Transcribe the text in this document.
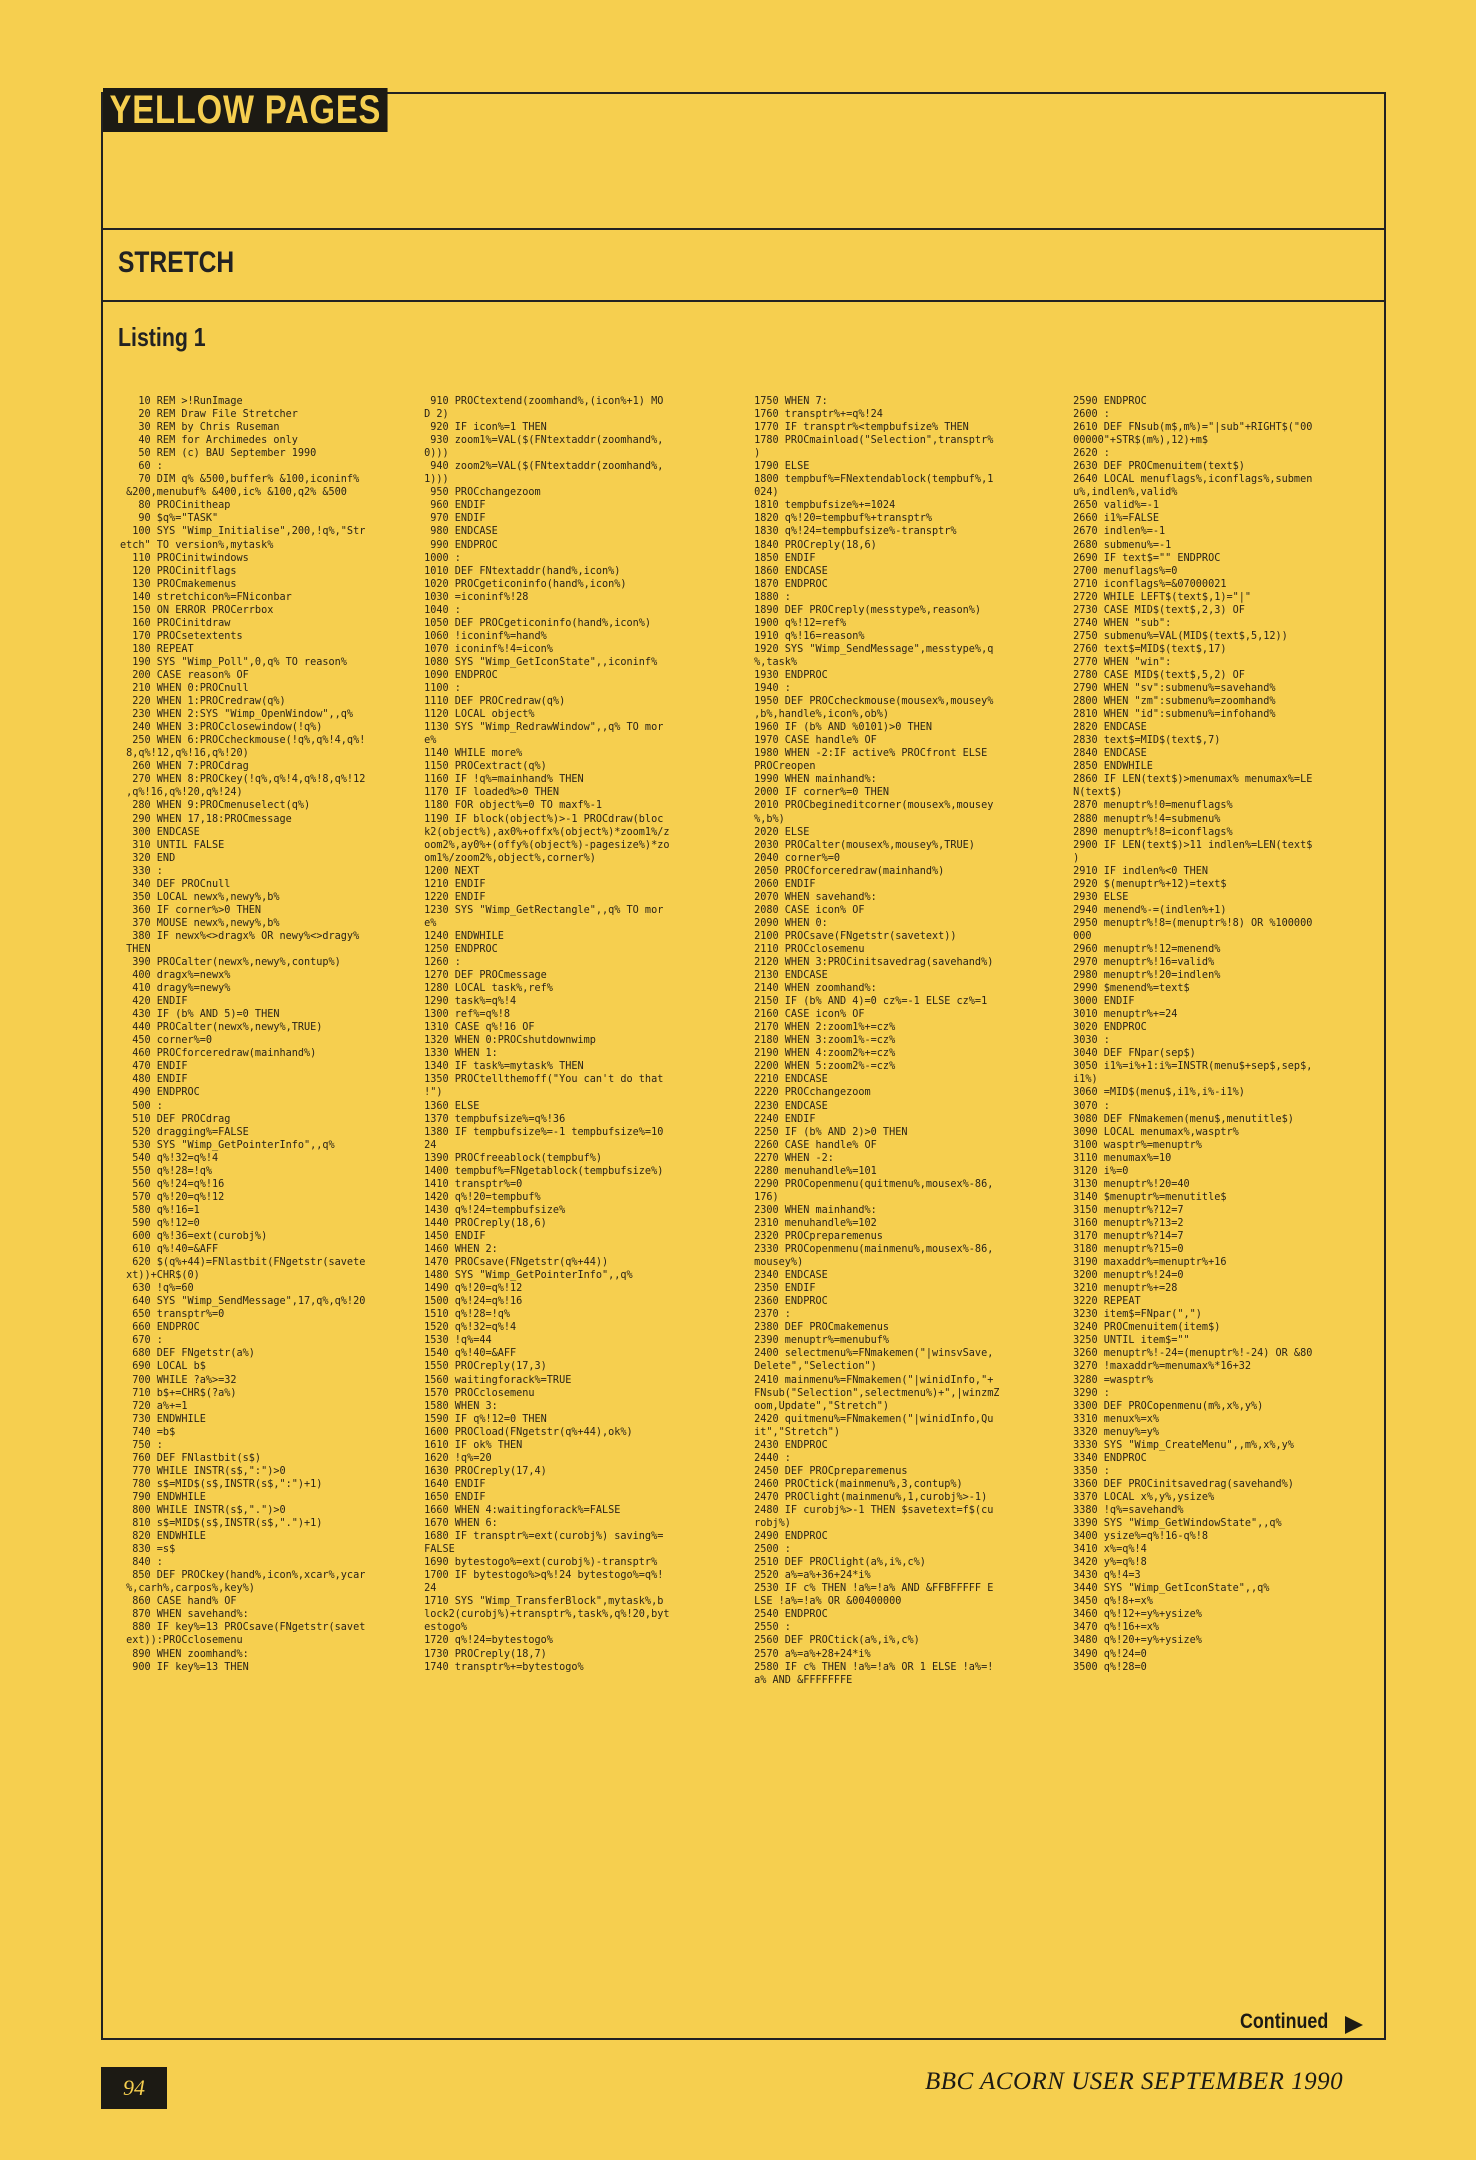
YELLOW PAGES
STRETCH
Listing 1
10 REM >!RunImage
20 REM Draw File Stretcher
30 REM by Chris Ruseman
40 REM for Archimedes only
50 REM (c) BAU September 1990
60 :
70 DIM q% &500,buffer% &100,iconinf%
&200,menubuf% &400,ic% &100,q2% &500
80 PROCinitheap
90 $q%="TASK"
100 SYS "Wimp_Initialise",200,!q%,"Str
etch" TO version%,mytask%
110 PROCinitwindows
120 PROCinitflags
130 PROCmakemenus
140 stretchicon%=FNiconbar
150 ON ERROR PROCerrbox
160 PROCinitdraw
170 PROCsetextents
180 REPEAT
190 SYS "Wimp_Poll",0,q% TO reason%
200 CASE reason% OF
210 WHEN 0:PROCnull
220 WHEN 1:PROCredraw(q%)
230 WHEN 2:SYS "Wimp_OpenWindow",,q%
240 WHEN 3:PROCclosewindow(!q%)
250 WHEN 6:PROCcheckmouse(!q%,q%!4,q%!
8,q%!12,q%!16,q%!20)
260 WHEN 7:PROCdrag
270 WHEN 8:PROCkey(!q%,q%!4,q%!8,q%!12
,q%!16,q%!20,q%!24)
280 WHEN 9:PROCmenuselect(q%)
290 WHEN 17,18:PROCmessage
300 ENDCASE
310 UNTIL FALSE
320 END
330 :
340 DEF PROCnull
350 LOCAL newx%,newy%,b%
360 IF corner%>0 THEN
370 MOUSE newx%,newy%,b%
380 IF newx%<>dragx% OR newy%<>dragy%
THEN
390 PROCalter(newx%,newy%,contup%)
400 dragx%=newx%
410 dragy%=newy%
420 ENDIF
430 IF (b% AND 5)=0 THEN
440 PROCalter(newx%,newy%,TRUE)
450 corner%=0
460 PROCforceredraw(mainhand%)
470 ENDIF
480 ENDIF
490 ENDPROC
500 :
510 DEF PROCdrag
520 dragging%=FALSE
530 SYS "Wimp_GetPointerInfo",,q%
540 q%!32=q%!4
550 q%!28=!q%
560 q%!24=q%!16
570 q%!20=q%!12
580 q%!16=1
590 q%!12=0
600 q%!36=ext(curobj%)
610 q%!40=&AFF
620 $(q%+44)=FNlastbit(FNgetstr(savete
xt))+CHR$(0)
630 !q%=60
640 SYS "Wimp_SendMessage",17,q%,q%!20
650 transptr%=0
660 ENDPROC
670 :
680 DEF FNgetstr(a%)
690 LOCAL b$
700 WHILE ?a%>=32
710 b$+=CHR$(?a%)
720 a%+=1
730 ENDWHILE
740 =b$
750 :
760 DEF FNlastbit(s$)
770 WHILE INSTR(s$,":")>0
780 s$=MID$(s$,INSTR(s$,":")+1)
790 ENDWHILE
800 WHILE INSTR(s$,".")>0
810 s$=MID$(s$,INSTR(s$,".")+1)
820 ENDWHILE
830 =s$
840 :
850 DEF PROCkey(hand%,icon%,xcar%,ycar
%,carh%,carpos%,key%)
860 CASE hand% OF
870 WHEN savehand%:
880 IF key%=13 PROCsave(FNgetstr(savet
ext)):PROCclosemenu
890 WHEN zoomhand%:
900 IF key%=13 THEN
910 PROCtextend(zoomhand%,(icon%+1) MO
D 2)
920 IF icon%=1 THEN
930 zoom1%=VAL($(FNtextaddr(zoomhand%,
0)))
940 zoom2%=VAL($(FNtextaddr(zoomhand%,
1)))
950 PROCchangezoom
960 ENDIF
970 ENDIF
980 ENDCASE
990 ENDPROC
1000 :
1010 DEF FNtextaddr(hand%,icon%)
1020 PROCgeticoninfo(hand%,icon%)
1030 =iconinf%!28
1040 :
1050 DEF PROCgeticoninfo(hand%,icon%)
1060 !iconinf%=hand%
1070 iconinf%!4=icon%
1080 SYS "Wimp_GetIconState",,iconinf%
1090 ENDPROC
1100 :
1110 DEF PROCredraw(q%)
1120 LOCAL object%
1130 SYS "Wimp_RedrawWindow",,q% TO mor
e%
1140 WHILE more%
1150 PROCextract(q%)
1160 IF !q%=mainhand% THEN
1170 IF loaded%>0 THEN
1180 FOR object%=0 TO maxf%-1
1190 IF block(object%)>-1 PROCdraw(bloc
k2(object%),ax0%+offx%(object%)*zoom1%/z
oom2%,ay0%+(offy%(object%)-pagesize%)*zo
om1%/zoom2%,object%,corner%)
1200 NEXT
1210 ENDIF
1220 ENDIF
1230 SYS "Wimp_GetRectangle",,q% TO mor
e%
1240 ENDWHILE
1250 ENDPROC
1260 :
1270 DEF PROCmessage
1280 LOCAL task%,ref%
1290 task%=q%!4
1300 ref%=q%!8
1310 CASE q%!16 OF
1320 WHEN 0:PROCshutdownwimp
1330 WHEN 1:
1340 IF task%=mytask% THEN
1350 PROCtellthemoff("You can't do that
!")
1360 ELSE
1370 tempbufsize%=q%!36
1380 IF tempbufsize%=-1 tempbufsize%=10
24
1390 PROCfreeablock(tempbuf%)
1400 tempbuf%=FNgetablock(tempbufsize%)
1410 transptr%=0
1420 q%!20=tempbuf%
1430 q%!24=tempbufsize%
1440 PROCreply(18,6)
1450 ENDIF
1460 WHEN 2:
1470 PROCsave(FNgetstr(q%+44))
1480 SYS "Wimp_GetPointerInfo",,q%
1490 q%!20=q%!12
1500 q%!24=q%!16
1510 q%!28=!q%
1520 q%!32=q%!4
1530 !q%=44
1540 q%!40=&AFF
1550 PROCreply(17,3)
1560 waitingforack%=TRUE
1570 PROCclosemenu
1580 WHEN 3:
1590 IF q%!12=0 THEN
1600 PROCload(FNgetstr(q%+44),ok%)
1610 IF ok% THEN
1620 !q%=20
1630 PROCreply(17,4)
1640 ENDIF
1650 ENDIF
1660 WHEN 4:waitingforack%=FALSE
1670 WHEN 6:
1680 IF transptr%=ext(curobj%) saving%=
FALSE
1690 bytestogo%=ext(curobj%)-transptr%
1700 IF bytestogo%>q%!24 bytestogo%=q%!
24
1710 SYS "Wimp_TransferBlock",mytask%,b
lock2(curobj%)+transptr%,task%,q%!20,byt
estogo%
1720 q%!24=bytestogo%
1730 PROCreply(18,7)
1740 transptr%+=bytestogo%
1750 WHEN 7:
1760 transptr%+=q%!24
1770 IF transptr%<tempbufsize% THEN
1780 PROCmainload("Selection",transptr%
)
1790 ELSE
1800 tempbuf%=FNextendablock(tempbuf%,1
024)
1810 tempbufsize%+=1024
1820 q%!20=tempbuf%+transptr%
1830 q%!24=tempbufsize%-transptr%
1840 PROCreply(18,6)
1850 ENDIF
1860 ENDCASE
1870 ENDPROC
1880 :
1890 DEF PROCreply(messtype%,reason%)
1900 q%!12=ref%
1910 q%!16=reason%
1920 SYS "Wimp_SendMessage",messtype%,q
%,task%
1930 ENDPROC
1940 :
1950 DEF PROCcheckmouse(mousex%,mousey%
,b%,handle%,icon%,ob%)
1960 IF (b% AND %0101)>0 THEN
1970 CASE handle% OF
1980 WHEN -2:IF active% PROCfront ELSE
PROCreopen
1990 WHEN mainhand%:
2000 IF corner%=0 THEN
2010 PROCbegineditcorner(mousex%,mousey
%,b%)
2020 ELSE
2030 PROCalter(mousex%,mousey%,TRUE)
2040 corner%=0
2050 PROCforceredraw(mainhand%)
2060 ENDIF
2070 WHEN savehand%:
2080 CASE icon% OF
2090 WHEN 0:
2100 PROCsave(FNgetstr(savetext))
2110 PROCclosemenu
2120 WHEN 3:PROCinitsavedrag(savehand%)
2130 ENDCASE
2140 WHEN zoomhand%:
2150 IF (b% AND 4)=0 cz%=-1 ELSE cz%=1
2160 CASE icon% OF
2170 WHEN 2:zoom1%+=cz%
2180 WHEN 3:zoom1%-=cz%
2190 WHEN 4:zoom2%+=cz%
2200 WHEN 5:zoom2%-=cz%
2210 ENDCASE
2220 PROCchangezoom
2230 ENDCASE
2240 ENDIF
2250 IF (b% AND 2)>0 THEN
2260 CASE handle% OF
2270 WHEN -2:
2280 menuhandle%=101
2290 PROCopenmenu(quitmenu%,mousex%-86,
176)
2300 WHEN mainhand%:
2310 menuhandle%=102
2320 PROCpreparemenus
2330 PROCopenmenu(mainmenu%,mousex%-86,
mousey%)
2340 ENDCASE
2350 ENDIF
2360 ENDPROC
2370 :
2380 DEF PROCmakemenus
2390 menuptr%=menubuf%
2400 selectmenu%=FNmakemen("|winsvSave,
Delete","Selection")
2410 mainmenu%=FNmakemen("|winidInfo,"+
FNsub("Selection",selectmenu%)+",|winzmZ
oom,Update","Stretch")
2420 quitmenu%=FNmakemen("|winidInfo,Qu
it","Stretch")
2430 ENDPROC
2440 :
2450 DEF PROCpreparemenus
2460 PROCtick(mainmenu%,3,contup%)
2470 PROClight(mainmenu%,1,curobj%>-1)
2480 IF curobj%>-1 THEN $savetext=f$(cu
robj%)
2490 ENDPROC
2500 :
2510 DEF PROClight(a%,i%,c%)
2520 a%=a%+36+24*i%
2530 IF c% THEN !a%=!a% AND &FFBFFFFF E
LSE !a%=!a% OR &00400000
2540 ENDPROC
2550 :
2560 DEF PROCtick(a%,i%,c%)
2570 a%=a%+28+24*i%
2580 IF c% THEN !a%=!a% OR 1 ELSE !a%=!
a% AND &FFFFFFFE
2590 ENDPROC
2600 :
2610 DEF FNsub(m$,m%)="|sub"+RIGHT$("00
00000"+STR$(m%),12)+m$
2620 :
2630 DEF PROCmenuitem(text$)
2640 LOCAL menuflags%,iconflags%,submen
u%,indlen%,valid%
2650 valid%=-1
2660 i1%=FALSE
2670 indlen%=-1
2680 submenu%=-1
2690 IF text$="" ENDPROC
2700 menuflags%=0
2710 iconflags%=&07000021
2720 WHILE LEFT$(text$,1)="|"
2730 CASE MID$(text$,2,3) OF
2740 WHEN "sub":
2750 submenu%=VAL(MID$(text$,5,12))
2760 text$=MID$(text$,17)
2770 WHEN "win":
2780 CASE MID$(text$,5,2) OF
2790 WHEN "sv":submenu%=savehand%
2800 WHEN "zm":submenu%=zoomhand%
2810 WHEN "id":submenu%=infohand%
2820 ENDCASE
2830 text$=MID$(text$,7)
2840 ENDCASE
2850 ENDWHILE
2860 IF LEN(text$)>menumax% menumax%=LE
N(text$)
2870 menuptr%!0=menuflags%
2880 menuptr%!4=submenu%
2890 menuptr%!8=iconflags%
2900 IF LEN(text$)>11 indlen%=LEN(text$
)
2910 IF indlen%<0 THEN
2920 $(menuptr%+12)=text$
2930 ELSE
2940 menend%-=(indlen%+1)
2950 menuptr%!8=(menuptr%!8) OR %100000
000
2960 menuptr%!12=menend%
2970 menuptr%!16=valid%
2980 menuptr%!20=indlen%
2990 $menend%=text$
3000 ENDIF
3010 menuptr%+=24
3020 ENDPROC
3030 :
3040 DEF FNpar(sep$)
3050 i1%=i%+1:i%=INSTR(menu$+sep$,sep$,
i1%)
3060 =MID$(menu$,i1%,i%-i1%)
3070 :
3080 DEF FNmakemen(menu$,menutitle$)
3090 LOCAL menumax%,wasptr%
3100 wasptr%=menuptr%
3110 menumax%=10
3120 i%=0
3130 menuptr%!20=40
3140 $menuptr%=menutitle$
3150 menuptr%?12=7
3160 menuptr%?13=2
3170 menuptr%?14=7
3180 menuptr%?15=0
3190 maxaddr%=menuptr%+16
3200 menuptr%!24=0
3210 menuptr%+=28
3220 REPEAT
3230 item$=FNpar(",")
3240 PROCmenuitem(item$)
3250 UNTIL item$=""
3260 menuptr%!-24=(menuptr%!-24) OR &80
3270 !maxaddr%=menumax%*16+32
3280 =wasptr%
3290 :
3300 DEF PROCopenmenu(m%,x%,y%)
3310 menux%=x%
3320 menuy%=y%
3330 SYS "Wimp_CreateMenu",,m%,x%,y%
3340 ENDPROC
3350 :
3360 DEF PROCinitsavedrag(savehand%)
3370 LOCAL x%,y%,ysize%
3380 !q%=savehand%
3390 SYS "Wimp_GetWindowState",,q%
3400 ysize%=q%!16-q%!8
3410 x%=q%!4
3420 y%=q%!8
3430 q%!4=3
3440 SYS "Wimp_GetIconState",,q%
3450 q%!8+=x%
3460 q%!12+=y%+ysize%
3470 q%!16+=x%
3480 q%!20+=y%+ysize%
3490 q%!24=0
3500 q%!28=0
Continued
94	BBC ACORN USER SEPTEMBER 1990
